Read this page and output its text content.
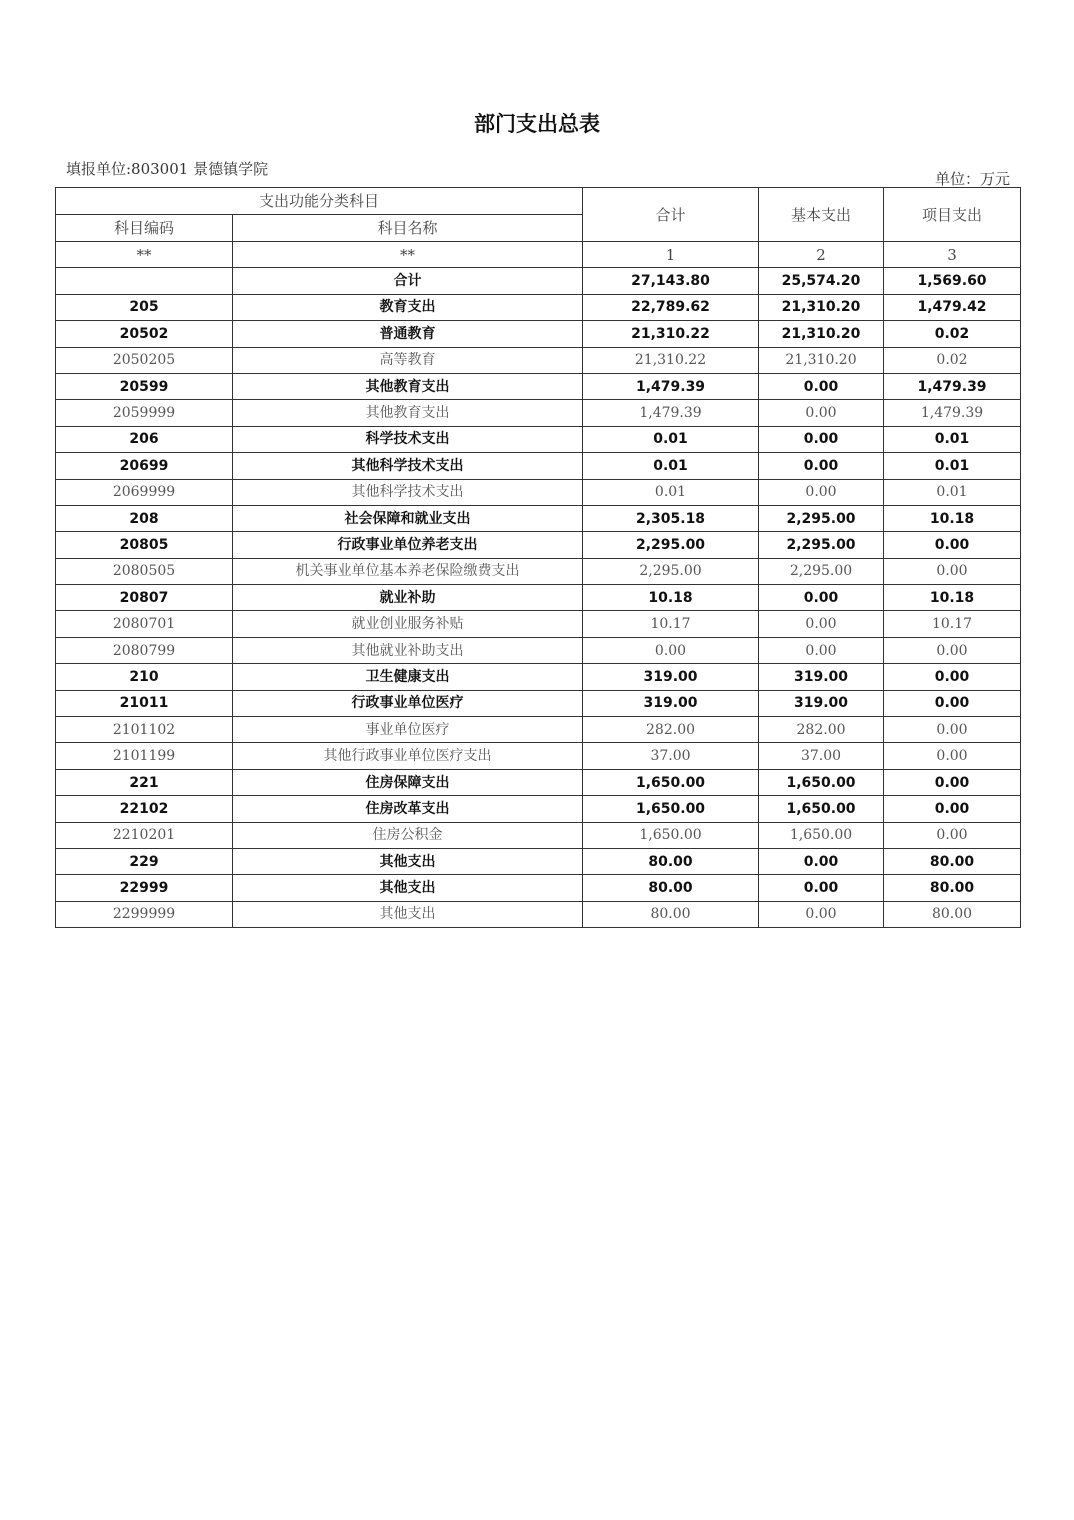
部门支出总表
填报单位:803001 景德镇学院
单位：万元
支出功能分类科目		合计	基本支出	项目支出
科目编码	科目名称			
**	**	1	2	3
	合计	27,143.80	25,574.20	1,569.60
205	教育支出	22,789.62	21,310.20	1,479.42
20502	普通教育	21,310.22	21,310.20	0.02
2050205	高等教育	21,310.22	21,310.20	0.02
20599	其他教育支出	1,479.39	0.00	1,479.39
2059999	其他教育支出	1,479.39	0.00	1,479.39
206	科学技术支出	0.01	0.00	0.01
20699	其他科学技术支出	0.01	0.00	0.01
2069999	其他科学技术支出	0.01	0.00	0.01
208	社会保障和就业支出	2,305.18	2,295.00	10.18
20805	行政事业单位养老支出	2,295.00	2,295.00	0.00
2080505	机关事业单位基本养老保险缴费支出	2,295.00	2,295.00	0.00
20807	就业补助	10.18	0.00	10.18
2080701	就业创业服务补贴	10.17	0.00	10.17
2080799	其他就业补助支出	0.00	0.00	0.00
210	卫生健康支出	319.00	319.00	0.00
21011	行政事业单位医疗	319.00	319.00	0.00
2101102	事业单位医疗	282.00	282.00	0.00
2101199	其他行政事业单位医疗支出	37.00	37.00	0.00
221	住房保障支出	1,650.00	1,650.00	0.00
22102	住房改革支出	1,650.00	1,650.00	0.00
2210201	住房公积金	1,650.00	1,650.00	0.00
229	其他支出	80.00	0.00	80.00
22999	其他支出	80.00	0.00	80.00
2299999	其他支出	80.00	0.00	80.00
